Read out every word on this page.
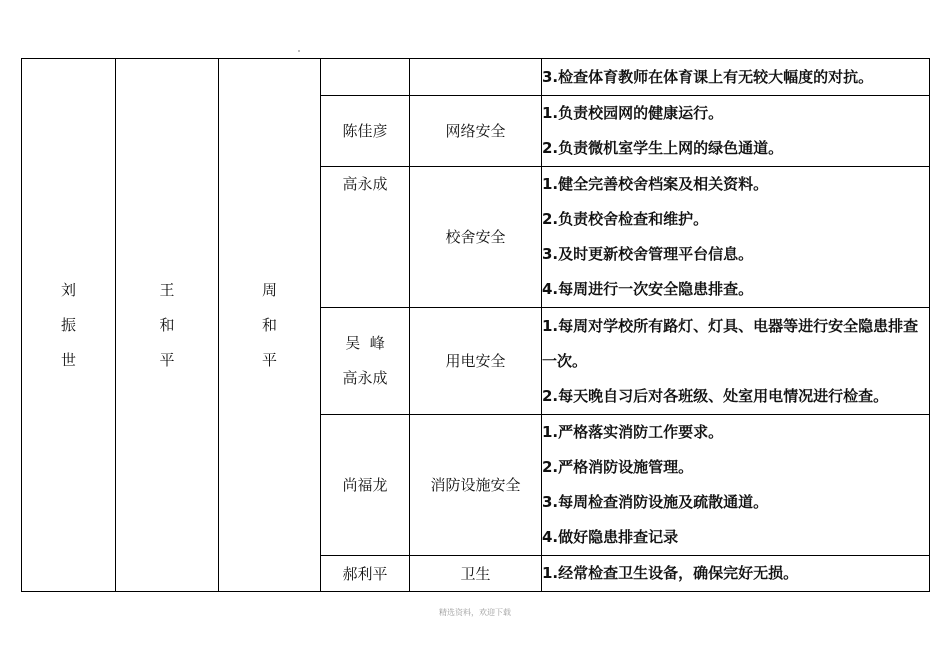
刘
振
世	王
和
平	周
和
平			3.检查体育教师在体育课上有无较大幅度的对抗。

			陈佳彦	网络安全	1.负责校园网的健康运行。
2.负责微机室学生上网的绿色通道。

			高永成	校舍安全	1.健全完善校舍档案及相关资料。
2.负责校舍检查和维护。
3.及时更新校舍管理平台信息。
4.每周进行一次安全隐患排查。

			吴  峰
高永成	用电安全	1.每周对学校所有路灯、灯具、电器等进行安全隐患排查一次。
2.每天晚自习后对各班级、处室用电情况进行检查。

			尚福龙	消防设施安全	1.严格落实消防工作要求。
2.严格消防设施管理。
3.每周检查消防设施及疏散通道。
4.做好隐患排查记录

			郝利平	卫生	1.经常检查卫生设备，确保完好无损。
精选资料，欢迎下载
